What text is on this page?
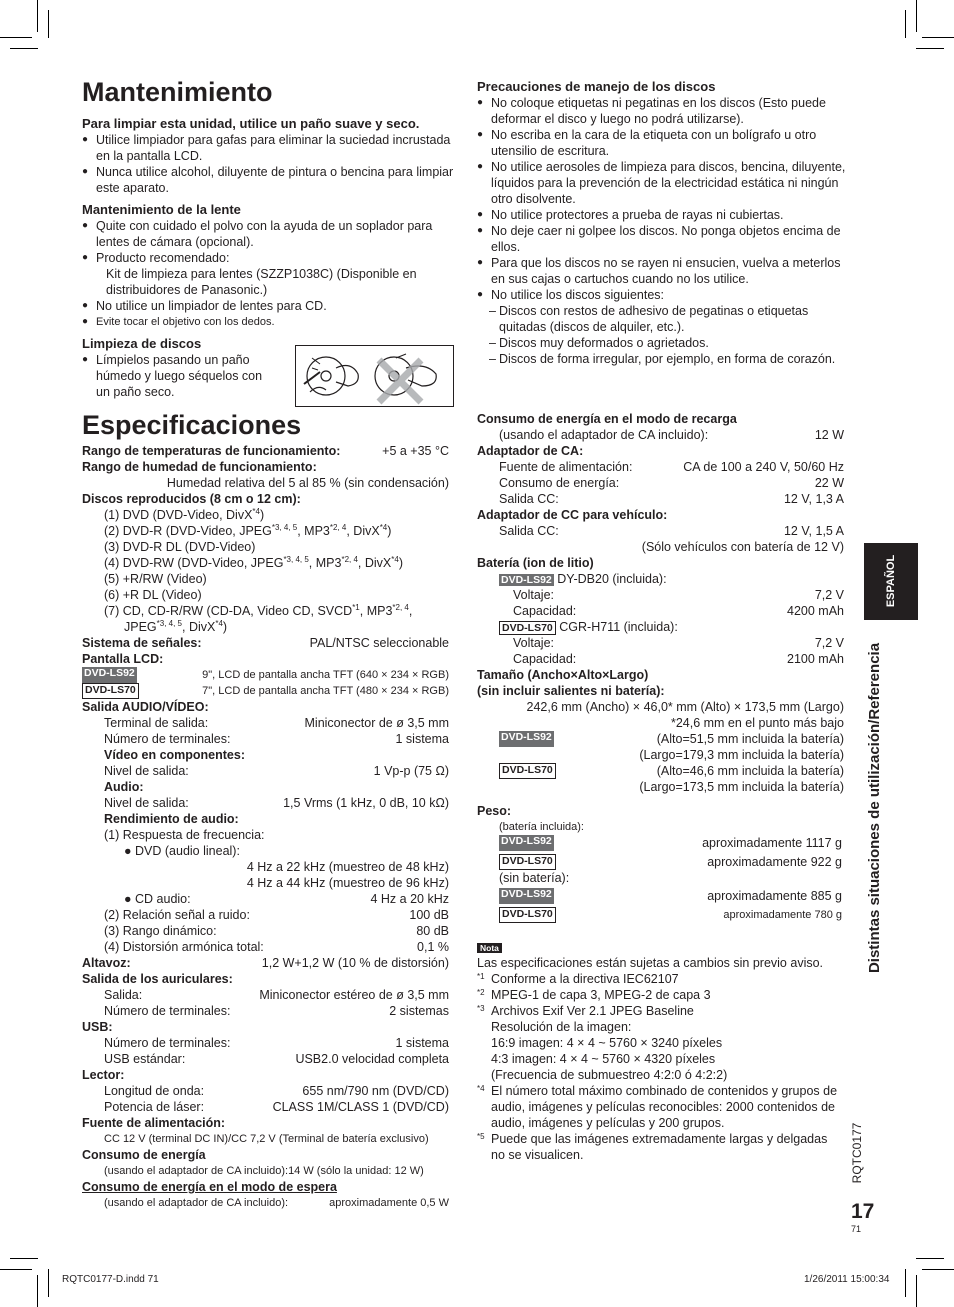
Mantenimiento
Para limpiar esta unidad, utilice un paño suave y seco.
● Utilice limpiador para gafas para eliminar la suciedad incrustada en la pantalla LCD.
● Nunca utilice alcohol, diluyente de pintura o bencina para limpiar este aparato.
Mantenimiento de la lente
● Quite con cuidado el polvo con la ayuda de un soplador para lentes de cámara (opcional).
● Producto recomendado:
Kit de limpieza para lentes (SZZP1038C) (Disponible en distribuidores de Panasonic.)
● No utilice un limpiador de lentes para CD.
● Evite tocar el objetivo con los dedos.
Limpieza de discos
● Límpielos pasando un paño húmedo y luego séquelos con un paño seco.
Especificaciones
Rango de temperaturas de funcionamiento:	+5 a +35 °C
Rango de humedad de funcionamiento:
Humedad relativa del 5 al 85 % (sin condensación)
Discos reproducidos (8 cm o 12 cm):
(1) DVD (DVD-Video, DivX$^{*4}$)
(2) DVD-R (DVD-Video, JPEG$^{*3, 4, 5}$, MP3$^{*2, 4}$, DivX$^{*4}$)
(3) DVD-R DL (DVD-Video)
(4) DVD-RW (DVD-Video, JPEG$^{*3, 4, 5}$, MP3$^{*2, 4}$, DivX$^{*4}$)
(5) +R/RW (Video)
(6) +R DL (Video)
(7) CD, CD-R/RW (CD-DA, Video CD, SVCD$^{*1}$, MP3$^{*2, 4}$,
JPEG$^{*3, 4, 5}$, DivX$^{*4}$)
Sistema de señales:	PAL/NTSC seleccionable
Pantalla LCD:
DVD-LS92	9", LCD de pantalla ancha TFT (640 × 234 × RGB)
DVD-LS70	7", LCD de pantalla ancha TFT (480 × 234 × RGB)
Salida AUDIO/VÍDEO:
Terminal de salida:	Miniconector de ø 3,5 mm
Número de terminales:	1 sistema
Vídeo en componentes:
Nivel de salida:	1 Vp-p (75 Ω)
Audio:
Nivel de salida:	1,5 Vrms (1 kHz, 0 dB, 10 kΩ)
Rendimiento de audio:
(1) Respuesta de frecuencia:
● DVD (audio lineal):
4 Hz a 22 kHz (muestreo de 48 kHz)
4 Hz a 44 kHz (muestreo de 96 kHz)
● CD audio:	4 Hz a 20 kHz
(2) Relación señal a ruido:	100 dB
(3) Rango dinámico:	80 dB
(4) Distorsión armónica total:	0,1 %
Altavoz:	1,2 W+1,2 W (10 % de distorsión)
Salida de los auriculares:
Salida:	Miniconector estéreo de ø 3,5 mm
Número de terminales:	2 sistemas
USB:
Número de terminales:	1 sistema
USB estándar:	USB2.0 velocidad completa
Lector:
Longitud de onda:	655 nm/790 nm (DVD/CD)
Potencia de láser:	CLASS 1M/CLASS 1 (DVD/CD)
Fuente de alimentación:
CC 12 V (terminal DC IN)/CC 7,2 V (Terminal de batería exclusivo)
Consumo de energía
(usando el adaptador de CA incluido):14 W (sólo la unidad: 12 W)
Consumo de energía en el modo de espera
(usando el adaptador de CA incluido):	aproximadamente 0,5 W
Precauciones de manejo de los discos
● No coloque etiquetas ni pegatinas en los discos (Esto puede deformar el disco y luego no podrá utilizarse).
● No escriba en la cara de la etiqueta con un bolígrafo u otro utensilio de escritura.
● No utilice aerosoles de limpieza para discos, bencina, diluyente, líquidos para la prevención de la electricidad estática ni ningún otro disolvente.
● No utilice protectores a prueba de rayas ni cubiertas.
● No deje caer ni golpee los discos. No ponga objetos encima de ellos.
● Para que los discos no se rayen ni ensucien, vuelva a meterlos en sus cajas o cartuchos cuando no los utilice.
● No utilice los discos siguientes:
– Discos con restos de adhesivo de pegatinas o etiquetas quitadas (discos de alquiler, etc.).
– Discos muy deformados o agrietados.
– Discos de forma irregular, por ejemplo, en forma de corazón.
Consumo de energía en el modo de recarga
(usando el adaptador de CA incluido):	12 W
Adaptador de CA:
Fuente de alimentación:	CA de 100 a 240 V, 50/60 Hz
Consumo de energía:	22 W
Salida CC:	12 V, 1,3 A
Adaptador de CC para vehículo:
Salida CC:	12 V, 1,5 A
(Sólo vehículos con batería de 12 V)
Batería (ion de litio)
DVD-LS92 DY-DB20 (incluida):
Voltaje:	7,2 V
Capacidad:	4200 mAh
DVD-LS70 CGR-H711 (incluida):
Voltaje:	7,2 V
Capacidad:	2100 mAh
Tamaño (Ancho×Alto×Largo)
(sin incluir salientes ni batería):
242,6 mm (Ancho) × 46,0* mm (Alto) × 173,5 mm (Largo)
*24,6 mm en el punto más bajo
DVD-LS92	(Alto=51,5 mm incluida la batería)
(Largo=179,3 mm incluida la batería)
DVD-LS70	(Alto=46,6 mm incluida la batería)
(Largo=173,5 mm incluida la batería)
Peso:
(batería incluida):
DVD-LS92	aproximadamente 1117 g
DVD-LS70	aproximadamente 922 g
(sin batería):
DVD-LS92	aproximadamente 885 g
DVD-LS70	aproximadamente 780 g
Nota
Las especificaciones están sujetas a cambios sin previo aviso.
*1 Conforme a la directiva IEC62107
*2 MPEG-1 de capa 3, MPEG-2 de capa 3
*3 Archivos Exif Ver 2.1 JPEG Baseline
Resolución de la imagen:
16:9 imagen: 4 × 4 ~ 5760 × 3240 píxeles
4:3 imagen: 4 × 4 ~ 5760 × 4320 píxeles
(Frecuencia de submuestreo 4:2:0 ó 4:2:2)
*4 El número total máximo combinado de contenidos y grupos de audio, imágenes y películas reconocibles: 2000 contenidos de audio, imágenes y películas y 200 grupos.
*5 Puede que las imágenes extremadamente largas y delgadas no se visualicen.
ESPAÑOL
Distintas situaciones de utilización/Referencia
RQTC0177
17
71
RQTC0177-D.indd 71	1/26/2011 15:00:34
